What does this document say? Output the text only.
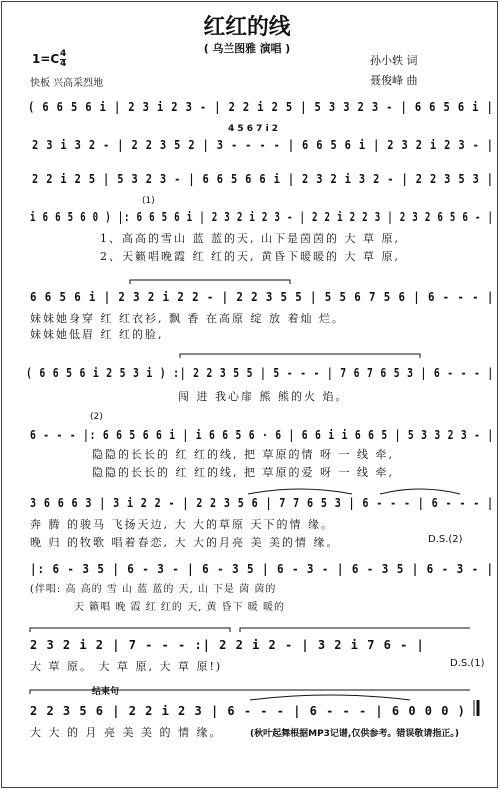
红红的线
( 乌兰图雅 演唱 )
1=C 4
4
快板 兴高采烈地
孙小轶 词
聂俊峰 曲
( 6 6 5 6 i | 2 3 i 2 3 - | 2 2 i 2 5 | 5 3 3 2 3 - | 6 6 5 6 i |
2 3 i 3 2 - | 2 2 3 5 2 | 3 - - - - | 6 6 5 6 i | 2 3 2 i 2 3 - |
4 5 6 7 i 2
2 2 i 2 5 | 5 3 2 3 - | 6 6 5 6 6 i | 2 3 2 i 3 2 - | 2 2 3 5 3 |
(1)
i 6 6 5 6 0 ) |: 6 6 5 6 i | 2 3 2 i 2 3 - | 2 2 i 2 2 3 | 2 3 2 6 5 6 - |
1、高高的雪山 蓝 蓝的天, 山下是茵茵的 大 草 原,
2、天籁唱晚霞 红 红的天, 黄昏下暖暖的 大 草 原,
6 6 5 6 i | 2 3 2 i 2 2 - | 2 2 3 5 5 | 5 5 6 7 5 6 | 6 - - - |
妹妹她身穿 红 红衣衫, 飘 香 在高原 绽 放 着灿 烂。
妹妹她低眉 红 红的脸,
( 6 6 5 6 i 2 5 3 i ) :| 2 2 3 5 5 | 5 - - - | 7 6 7 6 5 3 | 6 - - - |
闯 进 我心扉 熊 熊的火 焰。
(2)
6 - - - |: 6 6 5 6 6 i | i 6 6 5 6 · 6 | 6 6 i i 6 6 5 | 5 3 3 2 3 - |
隐隐的长长的 红 红的线, 把 草原的情 呀 一 线 牵,
隐隐的长长的 红 红的线, 把 草原的爱 呀 一 线 牵,
3 6 6 6 3 | 3 i 2 2 - | 2 2 3 5 6 | 7 7 6 5 3 | 6 - - - | 6 - - - |
奔 腾 的骏马 飞扬天边, 大 大的草原 天下的情 缘。
晚 归 的牧歌 唱着春恋, 大 大的月亮 美 美的情 缘。	D.S.(2)
|: 6 - 3 5 | 6 - 3 - | 6 - 3 5 | 6 - 3 - | 6 - 3 5 | 6 - 3 - |
(伴唱: 高 高的 雪 山 蓝 蓝的 天, 山 下是 茵 茵的
天 籁唱 晚 霞 红 红的 天, 黄 昏下 暖 暖的
2 3 2 i 2 | 7 - - - :| 2 2 i 2 - | 3 2 i 7 6 - |
大 草 原。 大 草 原, 大 草 原!)	D.S.(1)
结束句
2 2 3 5 6 | 2 2 i 2 3 | 6 - - - | 6 - - - | 6 0 0 0 )
大 大 的 月 亮 美 美 的 情 缘。	(秋叶起舞根据MP3记谱,仅供参考。错误敬请指正。)
